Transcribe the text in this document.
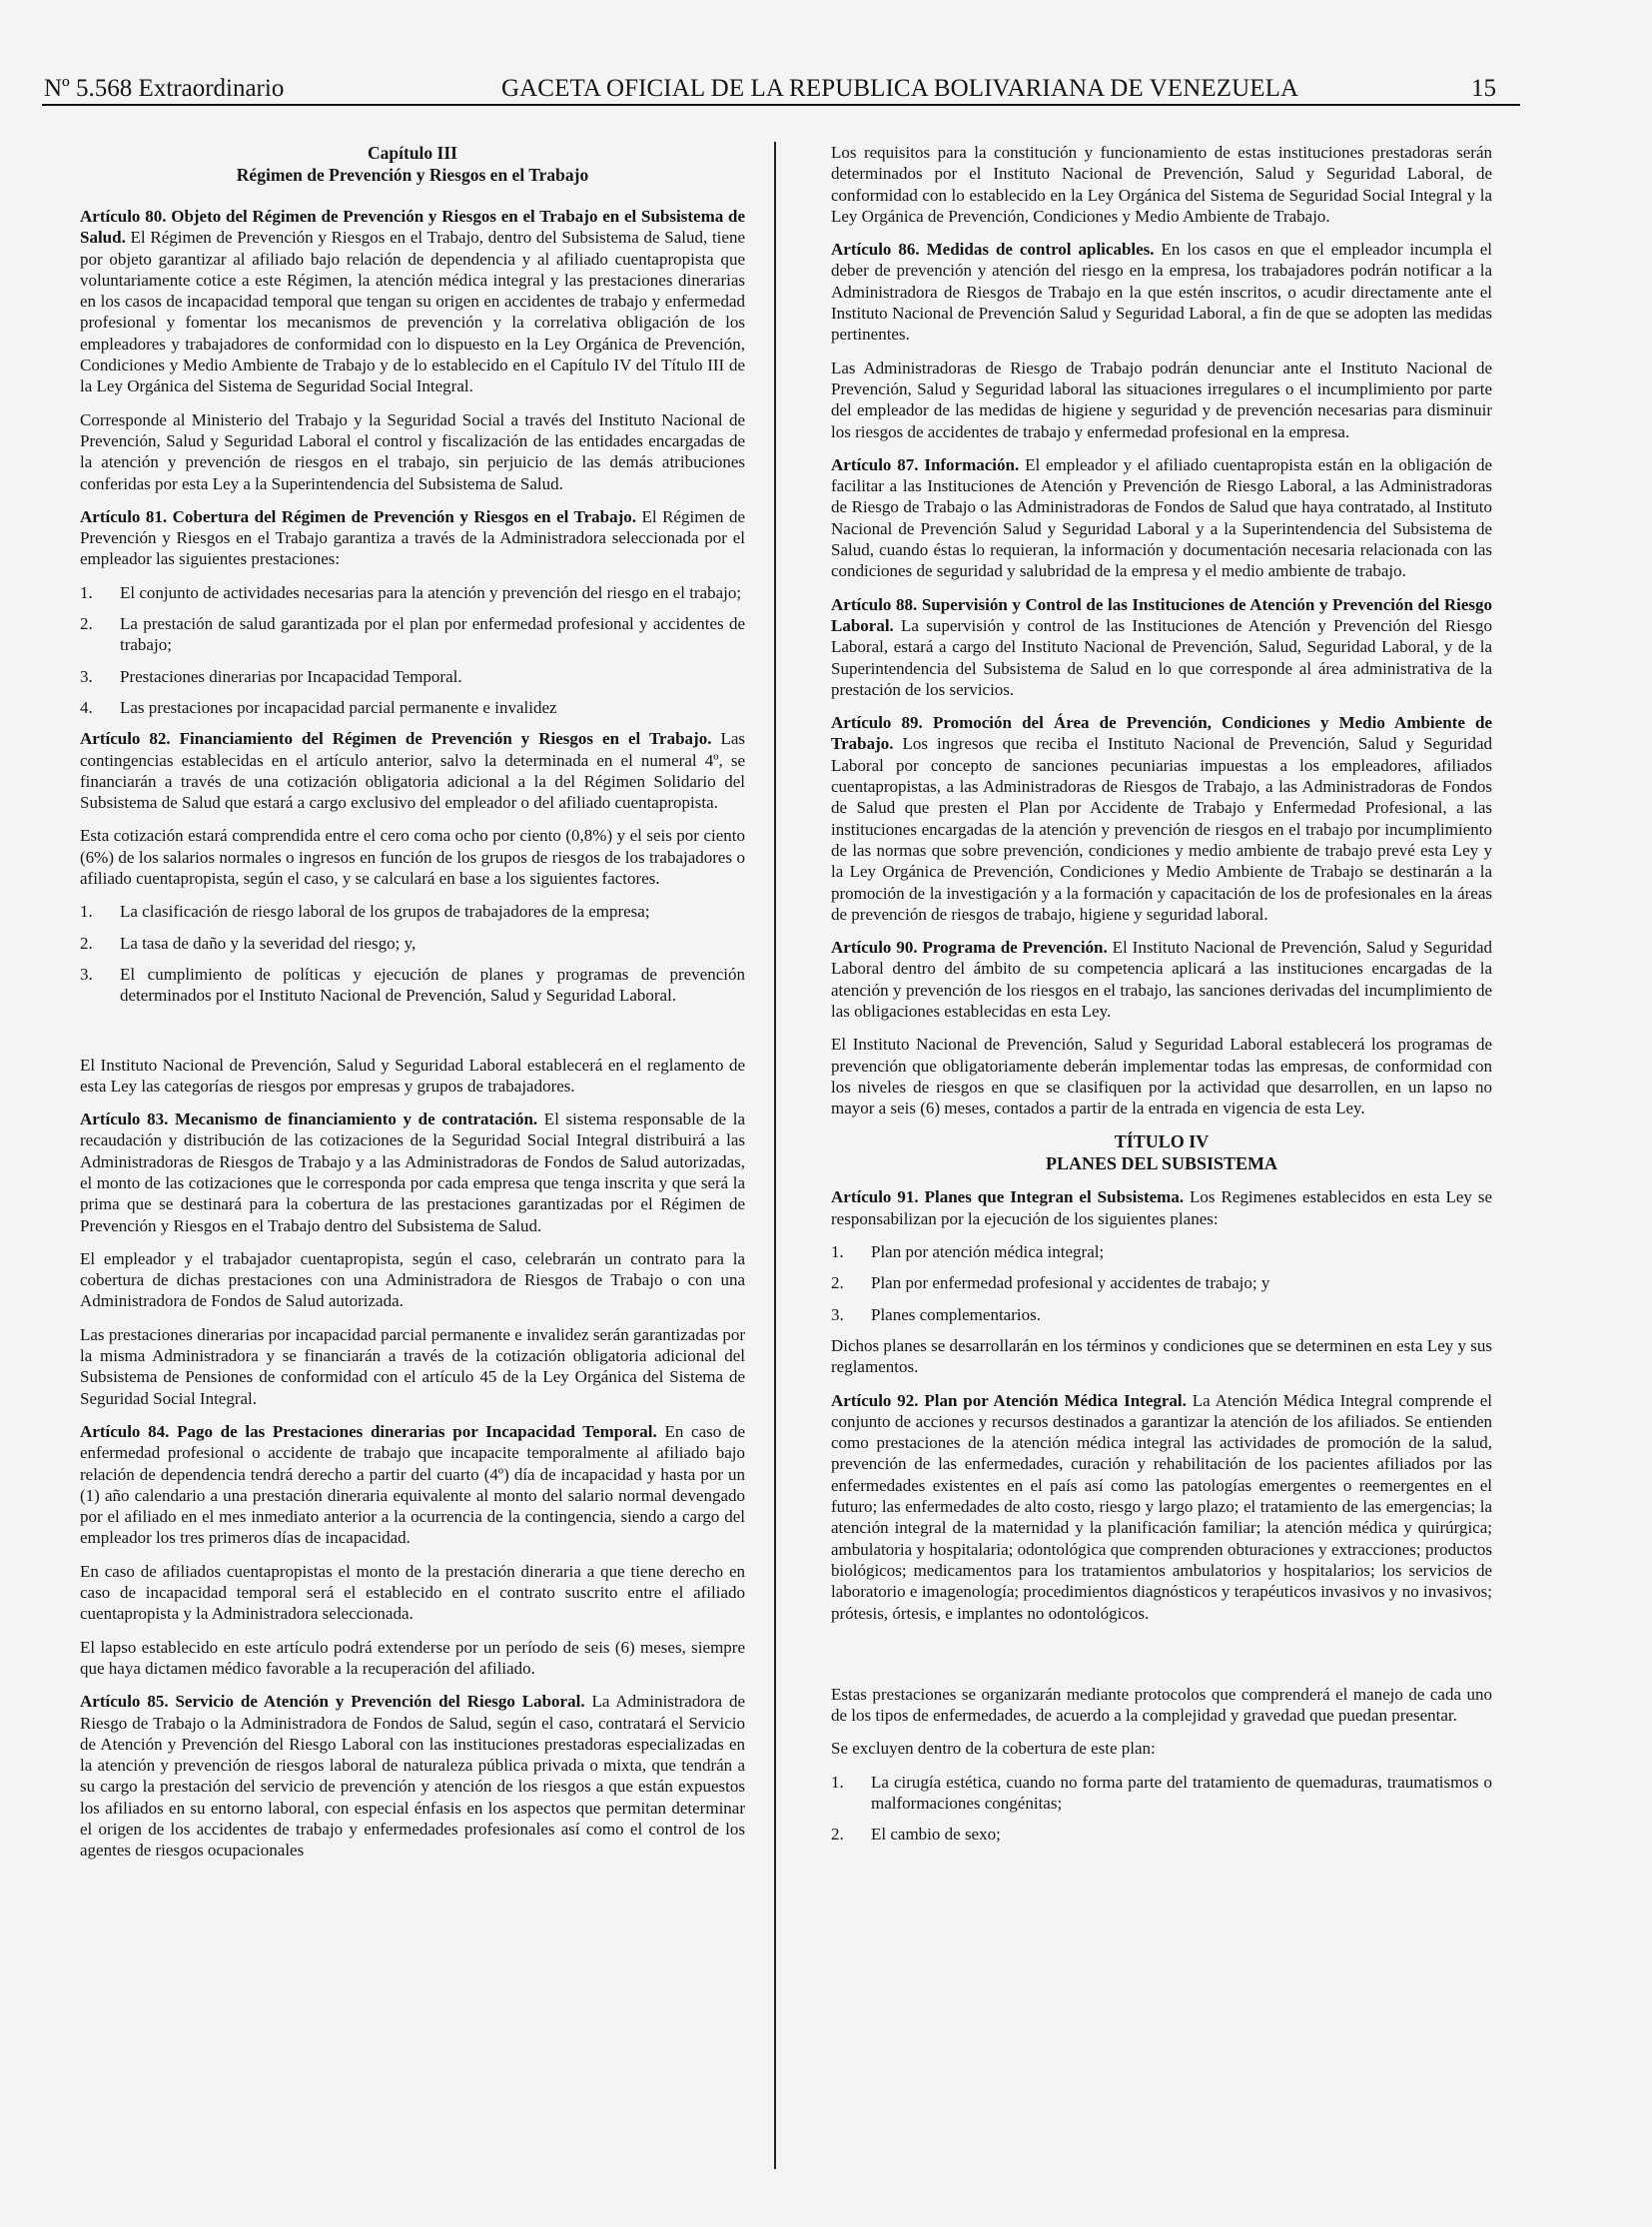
Nº 5.568 Extraordinario	GACETA OFICIAL DE LA REPUBLICA BOLIVARIANA DE VENEZUELA	15
Capítulo III
Régimen de Prevención y Riesgos en el Trabajo

Artículo 80. Objeto del Régimen de Prevención y Riesgos en el Trabajo en el Subsistema de Salud. El Régimen de Prevención y Riesgos en el Trabajo, dentro del Subsistema de Salud, tiene por objeto garantizar al afiliado bajo relación de dependencia y al afiliado cuentapropista que voluntariamente cotice a este Régimen, la atención médica integral y las prestaciones dinerarias en los casos de incapacidad temporal que tengan su origen en accidentes de trabajo y enfermedad profesional y fomentar los mecanismos de prevención y la correlativa obligación de los empleadores y trabajadores de conformidad con lo dispuesto en la Ley Orgánica de Prevención, Condiciones y Medio Ambiente de Trabajo y de lo establecido en el Capítulo IV del Título III de la Ley Orgánica del Sistema de Seguridad Social Integral.

Corresponde al Ministerio del Trabajo y la Seguridad Social a través del Instituto Nacional de Prevención, Salud y Seguridad Laboral el control y fiscalización de las entidades encargadas de la atención y prevención de riesgos en el trabajo, sin perjuicio de las demás atribuciones conferidas por esta Ley a la Superintendencia del Subsistema de Salud.

Artículo 81. Cobertura del Régimen de Prevención y Riesgos en el Trabajo. El Régimen de Prevención y Riesgos en el Trabajo garantiza a través de la Administradora seleccionada por el empleador las siguientes prestaciones:

1. El conjunto de actividades necesarias para la atención y prevención del riesgo en el trabajo;
2. La prestación de salud garantizada por el plan por enfermedad profesional y accidentes de trabajo;
3. Prestaciones dinerarias por Incapacidad Temporal.
4. Las prestaciones por incapacidad parcial permanente e invalidez

Artículo 82. Financiamiento del Régimen de Prevención y Riesgos en el Trabajo. Las contingencias establecidas en el artículo anterior, salvo la determinada en el numeral 4º, se financiarán a través de una cotización obligatoria adicional a la del Régimen Solidario del Subsistema de Salud que estará a cargo exclusivo del empleador o del afiliado cuentapropista.

Esta cotización estará comprendida entre el cero coma ocho por ciento (0,8%) y el seis por ciento (6%) de los salarios normales o ingresos en función de los grupos de riesgos de los trabajadores o afiliado cuentapropista, según el caso, y se calculará en base a los siguientes factores.

1. La clasificación de riesgo laboral de los grupos de trabajadores de la empresa;
2. La tasa de daño y la severidad del riesgo; y,
3. El cumplimiento de políticas y ejecución de planes y programas de prevención determinados por el Instituto Nacional de Prevención, Salud y Seguridad Laboral.

El Instituto Nacional de Prevención, Salud y Seguridad Laboral establecerá en el reglamento de esta Ley las categorías de riesgos por empresas y grupos de trabajadores.

Artículo 83. Mecanismo de financiamiento y de contratación. El sistema responsable de la recaudación y distribución de las cotizaciones de la Seguridad Social Integral distribuirá a las Administradoras de Riesgos de Trabajo y a las Administradoras de Fondos de Salud autorizadas, el monto de las cotizaciones que le corresponda por cada empresa que tenga inscrita y que será la prima que se destinará para la cobertura de las prestaciones garantizadas por el Régimen de Prevención y Riesgos en el Trabajo dentro del Subsistema de Salud.

El empleador y el trabajador cuentapropista, según el caso, celebrarán un contrato para la cobertura de dichas prestaciones con una Administradora de Riesgos de Trabajo o con una Administradora de Fondos de Salud autorizada.

Las prestaciones dinerarias por incapacidad parcial permanente e invalidez serán garantizadas por la misma Administradora y se financiarán a través de la cotización obligatoria adicional del Subsistema de Pensiones de conformidad con el artículo 45 de la Ley Orgánica del Sistema de Seguridad Social Integral.

Artículo 84. Pago de las Prestaciones dinerarias por Incapacidad Temporal. En caso de enfermedad profesional o accidente de trabajo que incapacite temporalmente al afiliado bajo relación de dependencia tendrá derecho a partir del cuarto (4º) día de incapacidad y hasta por un (1) año calendario a una prestación dineraria equivalente al monto del salario normal devengado por el afiliado en el mes inmediato anterior a la ocurrencia de la contingencia, siendo a cargo del empleador los tres primeros días de incapacidad.

En caso de afiliados cuentapropistas el monto de la prestación dineraria a que tiene derecho en caso de incapacidad temporal será el establecido en el contrato suscrito entre el afiliado cuentapropista y la Administradora seleccionada.

El lapso establecido en este artículo podrá extenderse por un período de seis (6) meses, siempre que haya dictamen médico favorable a la recuperación del afiliado.

Artículo 85. Servicio de Atención y Prevención del Riesgo Laboral. La Administradora de Riesgo de Trabajo o la Administradora de Fondos de Salud, según el caso, contratará el Servicio de Atención y Prevención del Riesgo Laboral con las instituciones prestadoras especializadas en la atención y prevención de riesgos laboral de naturaleza pública privada o mixta, que tendrán a su cargo la prestación del servicio de prevención y atención de los riesgos a que están expuestos los afiliados en su entorno laboral, con especial énfasis en los aspectos que permitan determinar el origen de los accidentes de trabajo y enfermedades profesionales así como el control de los agentes de riesgos ocupacionales

Los requisitos para la constitución y funcionamiento de estas instituciones prestadoras serán determinados por el Instituto Nacional de Prevención, Salud y Seguridad Laboral, de conformidad con lo establecido en la Ley Orgánica del Sistema de Seguridad Social Integral y la Ley Orgánica de Prevención, Condiciones y Medio Ambiente de Trabajo.

Artículo 86. Medidas de control aplicables. En los casos en que el empleador incumpla el deber de prevención y atención del riesgo en la empresa, los trabajadores podrán notificar a la Administradora de Riesgos de Trabajo en la que estén inscritos, o acudir directamente ante el Instituto Nacional de Prevención Salud y Seguridad Laboral, a fin de que se adopten las medidas pertinentes.

Las Administradoras de Riesgo de Trabajo podrán denunciar ante el Instituto Nacional de Prevención, Salud y Seguridad laboral las situaciones irregulares o el incumplimiento por parte del empleador de las medidas de higiene y seguridad y de prevención necesarias para disminuir los riesgos de accidentes de trabajo y enfermedad profesional en la empresa.

Artículo 87. Información. El empleador y el afiliado cuentapropista están en la obligación de facilitar a las Instituciones de Atención y Prevención de Riesgo Laboral, a las Administradoras de Riesgo de Trabajo o las Administradoras de Fondos de Salud que haya contratado, al Instituto Nacional de Prevención Salud y Seguridad Laboral y a la Superintendencia del Subsistema de Salud, cuando éstas lo requieran, la información y documentación necesaria relacionada con las condiciones de seguridad y salubridad de la empresa y el medio ambiente de trabajo.

Artículo 88. Supervisión y Control de las Instituciones de Atención y Prevención del Riesgo Laboral. La supervisión y control de las Instituciones de Atención y Prevención del Riesgo Laboral, estará a cargo del Instituto Nacional de Prevención, Salud, Seguridad Laboral, y de la Superintendencia del Subsistema de Salud en lo que corresponde al área administrativa de la prestación de los servicios.

Artículo 89. Promoción del Área de Prevención, Condiciones y Medio Ambiente de Trabajo. Los ingresos que reciba el Instituto Nacional de Prevención, Salud y Seguridad Laboral por concepto de sanciones pecuniarias impuestas a los empleadores, afiliados cuentapropistas, a las Administradoras de Riesgos de Trabajo, a las Administradoras de Fondos de Salud que presten el Plan por Accidente de Trabajo y Enfermedad Profesional, a las instituciones encargadas de la atención y prevención de riesgos en el trabajo por incumplimiento de las normas que sobre prevención, condiciones y medio ambiente de trabajo prevé esta Ley y la Ley Orgánica de Prevención, Condiciones y Medio Ambiente de Trabajo se destinarán a la promoción de la investigación y a la formación y capacitación de los de profesionales en la áreas de prevención de riesgos de trabajo, higiene y seguridad laboral.

Artículo 90. Programa de Prevención. El Instituto Nacional de Prevención, Salud y Seguridad Laboral dentro del ámbito de su competencia aplicará a las instituciones encargadas de la atención y prevención de los riesgos en el trabajo, las sanciones derivadas del incumplimiento de las obligaciones establecidas en esta Ley.

El Instituto Nacional de Prevención, Salud y Seguridad Laboral establecerá los programas de prevención que obligatoriamente deberán implementar todas las empresas, de conformidad con los niveles de riesgos en que se clasifiquen por la actividad que desarrollen, en un lapso no mayor a seis (6) meses, contados a partir de la entrada en vigencia de esta Ley.

TÍTULO IV
PLANES DEL SUBSISTEMA

Artículo 91. Planes que Integran el Subsistema. Los Regimenes establecidos en esta Ley se responsabilizan por la ejecución de los siguientes planes:

1. Plan por atención médica integral;
2. Plan por enfermedad profesional y accidentes de trabajo; y
3. Planes complementarios.

Dichos planes se desarrollarán en los términos y condiciones que se determinen en esta Ley y sus reglamentos.

Artículo 92. Plan por Atención Médica Integral. La Atención Médica Integral comprende el conjunto de acciones y recursos destinados a garantizar la atención de los afiliados. Se entienden como prestaciones de la atención médica integral las actividades de promoción de la salud, prevención de las enfermedades, curación y rehabilitación de los pacientes afiliados por las enfermedades existentes en el país así como las patologías emergentes o reemergentes en el futuro; las enfermedades de alto costo, riesgo y largo plazo; el tratamiento de las emergencias; la atención integral de la maternidad y la planificación familiar; la atención médica y quirúrgica; ambulatoria y hospitalaria; odontológica que comprenden obturaciones y extracciones; productos biológicos; medicamentos para los tratamientos ambulatorios y hospitalarios; los servicios de laboratorio e imagenología; procedimientos diagnósticos y terapéuticos invasivos y no invasivos; prótesis, órtesis, e implantes no odontológicos.

Estas prestaciones se organizarán mediante protocolos que comprenderá el manejo de cada uno de los tipos de enfermedades, de acuerdo a la complejidad y gravedad que puedan presentar.

Se excluyen dentro de la cobertura de este plan:

1. La cirugía estética, cuando no forma parte del tratamiento de quemaduras, traumatismos o malformaciones congénitas;
2. El cambio de sexo;
